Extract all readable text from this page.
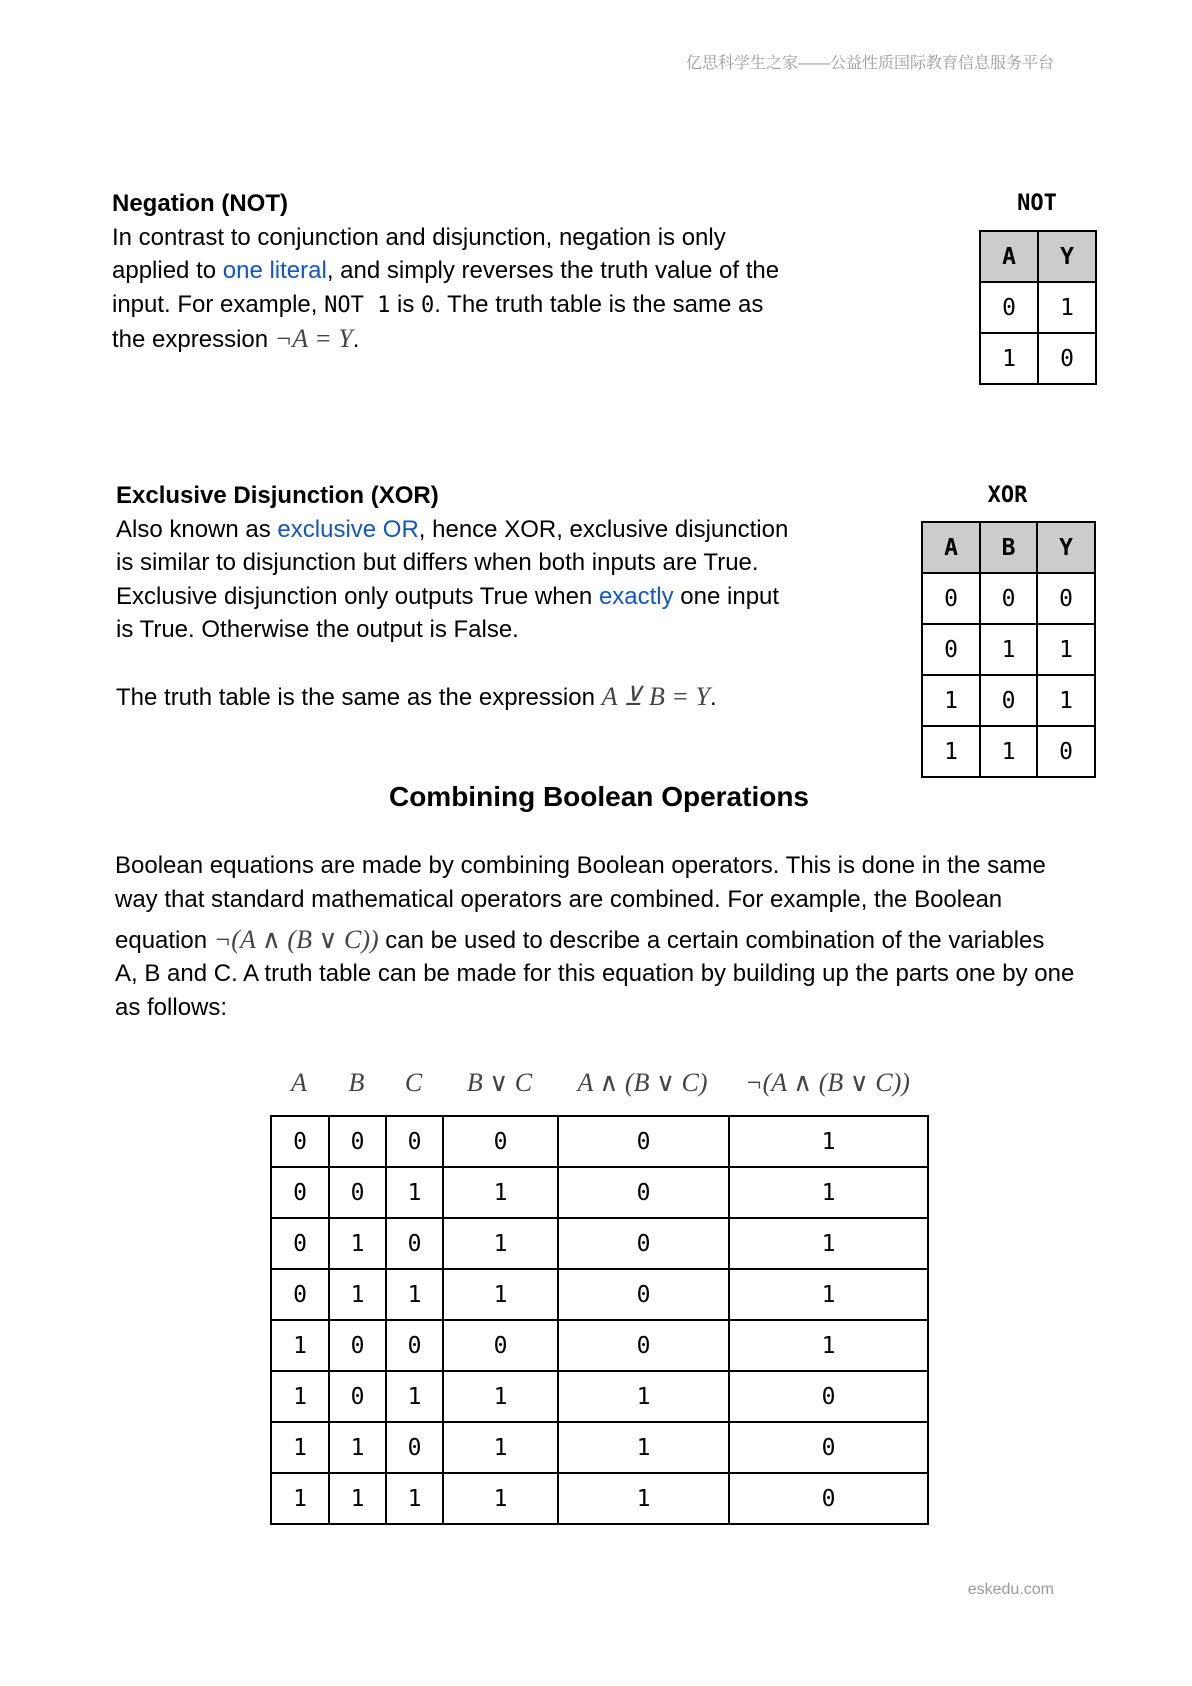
亿思科学生之家——公益性质国际教育信息服务平台
Negation (NOT)
In contrast to conjunction and disjunction, negation is only
applied to one literal, and simply reverses the truth value of the
input. For example, NOT 1 is 0. The truth table is the same as
the expression ¬A = Y.
NOT
A	Y
0	1
1	0
Exclusive Disjunction (XOR)
Also known as exclusive OR, hence XOR, exclusive disjunction
is similar to disjunction but differs when both inputs are True.
Exclusive disjunction only outputs True when exactly one input
is True. Otherwise the output is False.
The truth table is the same as the expression A ⊻ B = Y.
XOR
A	B	Y
0	0	0
0	1	1
1	0	1
1	1	0
Combining Boolean Operations
Boolean equations are made by combining Boolean operators. This is done in the same
way that standard mathematical operators are combined. For example, the Boolean
equation ¬(A ∧ (B ∨ C)) can be used to describe a certain combination of the variables
A, B and C. A truth table can be made for this equation by building up the parts one by one
as follows:
A	B	C	B ∨ C	A ∧ (B ∨ C)	¬(A ∧ (B ∨ C))
0	0	0	0	0	1
0	0	1	1	0	1
0	1	0	1	0	1
0	1	1	1	0	1
1	0	0	0	0	1
1	0	1	1	1	0
1	1	0	1	1	0
1	1	1	1	1	0
eskedu.com
